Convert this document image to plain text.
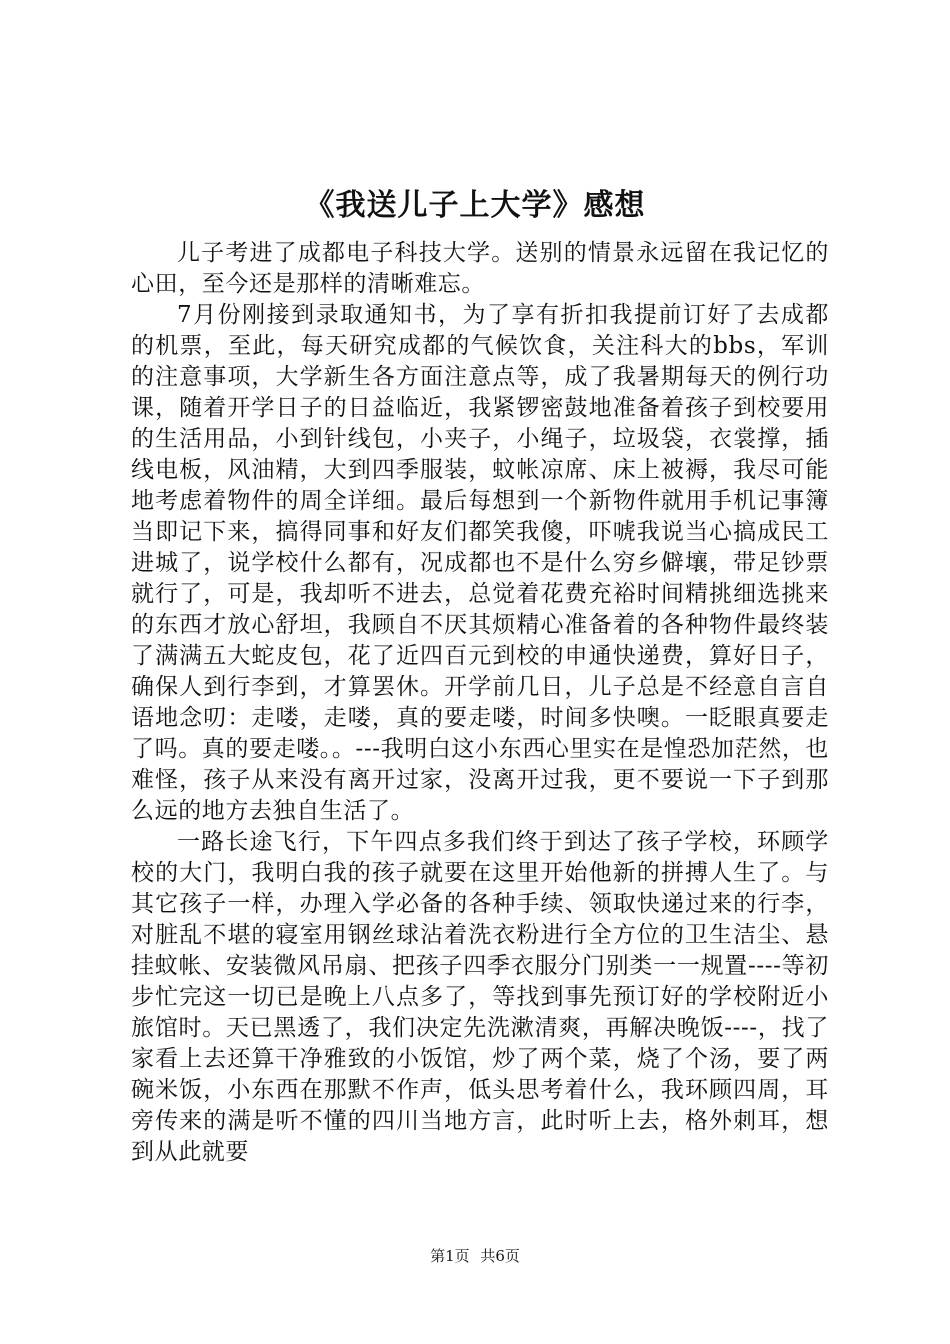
《我送儿子上大学》感想

儿子考进了成都电子科技大学。送别的情景永远留在我记忆的心田，至今还是那样的清晰难忘。

7月份刚接到录取通知书，为了享有折扣我提前订好了去成都的机票，至此，每天研究成都的气候饮食，关注科大的bbs，军训的注意事项，大学新生各方面注意点等，成了我暑期每天的例行功课，随着开学日子的日益临近，我紧锣密鼓地准备着孩子到校要用的生活用品，小到针线包，小夹子，小绳子，垃圾袋，衣裳撑，插线电板，风油精，大到四季服装，蚊帐凉席、床上被褥，我尽可能地考虑着物件的周全详细。最后每想到一个新物件就用手机记事簿当即记下来，搞得同事和好友们都笑我傻，吓唬我说当心搞成民工进城了，说学校什么都有，况成都也不是什么穷乡僻壤，带足钞票就行了，可是，我却听不进去，总觉着花费充裕时间精挑细选挑来的东西才放心舒坦，我顾自不厌其烦精心准备着的各种物件最终装了满满五大蛇皮包，花了近四百元到校的申通快递费，算好日子，确保人到行李到，才算罢休。开学前几日，儿子总是不经意自言自语地念叨：走喽，走喽，真的要走喽，时间多快噢。一眨眼真要走了吗。真的要走喽。。---我明白这小东西心里实在是惶恐加茫然，也难怪，孩子从来没有离开过家，没离开过我，更不要说一下子到那么远的地方去独自生活了。

一路长途飞行，下午四点多我们终于到达了孩子学校，环顾学校的大门，我明白我的孩子就要在这里开始他新的拼搏人生了。与其它孩子一样，办理入学必备的各种手续、领取快递过来的行李，对脏乱不堪的寝室用钢丝球沾着洗衣粉进行全方位的卫生洁尘、悬挂蚊帐、安装微风吊扇、把孩子四季衣服分门别类一一规置----等初步忙完这一切已是晚上八点多了，等找到事先预订好的学校附近小旅馆时。天已黑透了，我们决定先洗漱清爽，再解决晚饭----，找了家看上去还算干净雅致的小饭馆，炒了两个菜，烧了个汤，要了两碗米饭，小东西在那默不作声，低头思考着什么，我环顾四周，耳旁传来的满是听不懂的四川当地方言，此时听上去，格外刺耳，想到从此就要

第1页 共6页
